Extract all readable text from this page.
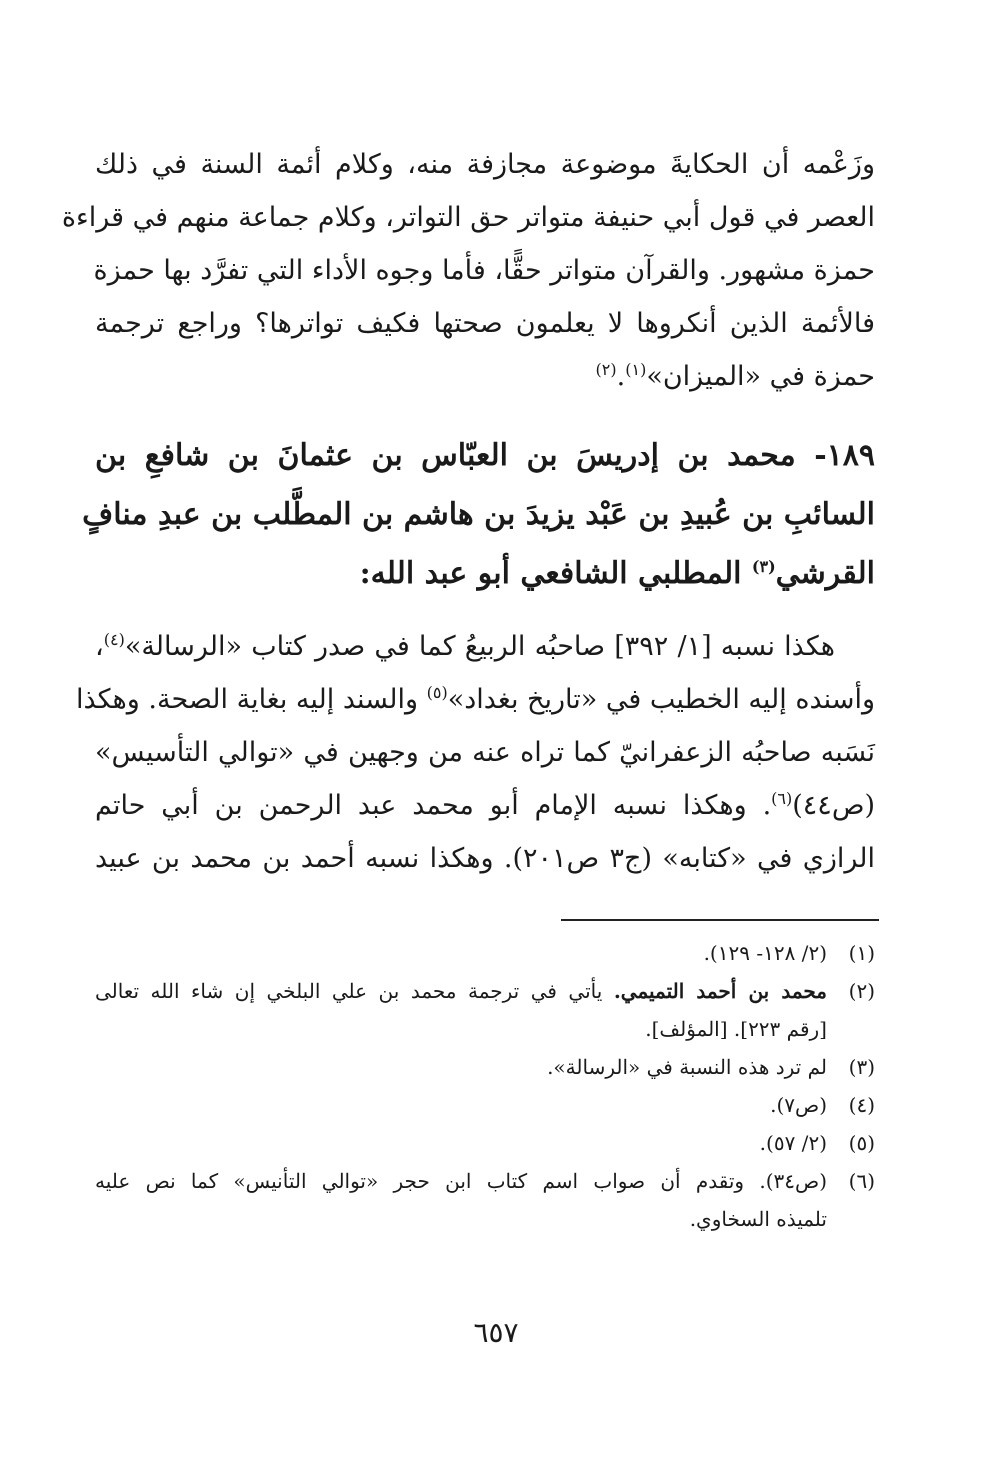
وزَعْمه أن الحكايةَ موضوعة مجازفة منه، وكلام أئمة السنة في ذلك
العصر في قول أبي حنيفة متواتر حق التواتر، وكلام جماعة منهم في قراءة
حمزة مشهور. والقرآن متواتر حقًّا، فأما وجوه الأداء التي تفرَّد بها حمزة
فالأئمة الذين أنكروها لا يعلمون صحتها فكيف تواترها؟ وراجع ترجمة
حمزة في «الميزان»$^{(١)}$.$^{(٢)}$
١٨٩- محمد بن إدريسَ بن العبّاس بن عثمانَ بن شافعِ بن
السائبِ بن عُبيدِ بن عَبْد يزيدَ بن هاشم بن المطَّلب بن عبدِ منافٍ
القرشي$^{(٣)}$ المطلبي الشافعي أبو عبد الله:
هكذا نسبه [١/ ٣٩٢] صاحبُه الربيعُ كما في صدر كتاب «الرسالة»$^{(٤)}$،
وأسنده إليه الخطيب في «تاريخ بغداد»$^{(٥)}$ والسند إليه بغاية الصحة. وهكذا
نَسَبه صاحبُه الزعفرانيّ كما تراه عنه من وجهين في «توالي التأسيس»
(ص٤٤)$^{(٦)}$. وهكذا نسبه الإمام أبو محمد عبد الرحمن بن أبي حاتم
الرازي في «كتابه» (ج٣ ص٢٠١). وهكذا نسبه أحمد بن محمد بن عبيد
(١)
(٢/ ١٢٨- ١٢٩).
(٢)
محمد بن أحمد التميمي. يأتي في ترجمة محمد بن علي البلخي إن شاء الله تعالى
[رقم ٢٢٣]. [المؤلف].
(٣)
لم ترد هذه النسبة في «الرسالة».
(٤)
(ص٧).
(٥)
(٢/ ٥٧).
(٦)
(ص٣٤). وتقدم أن صواب اسم كتاب ابن حجر «توالي التأنيس» كما نص عليه
تلميذه السخاوي.
٦٥٧
